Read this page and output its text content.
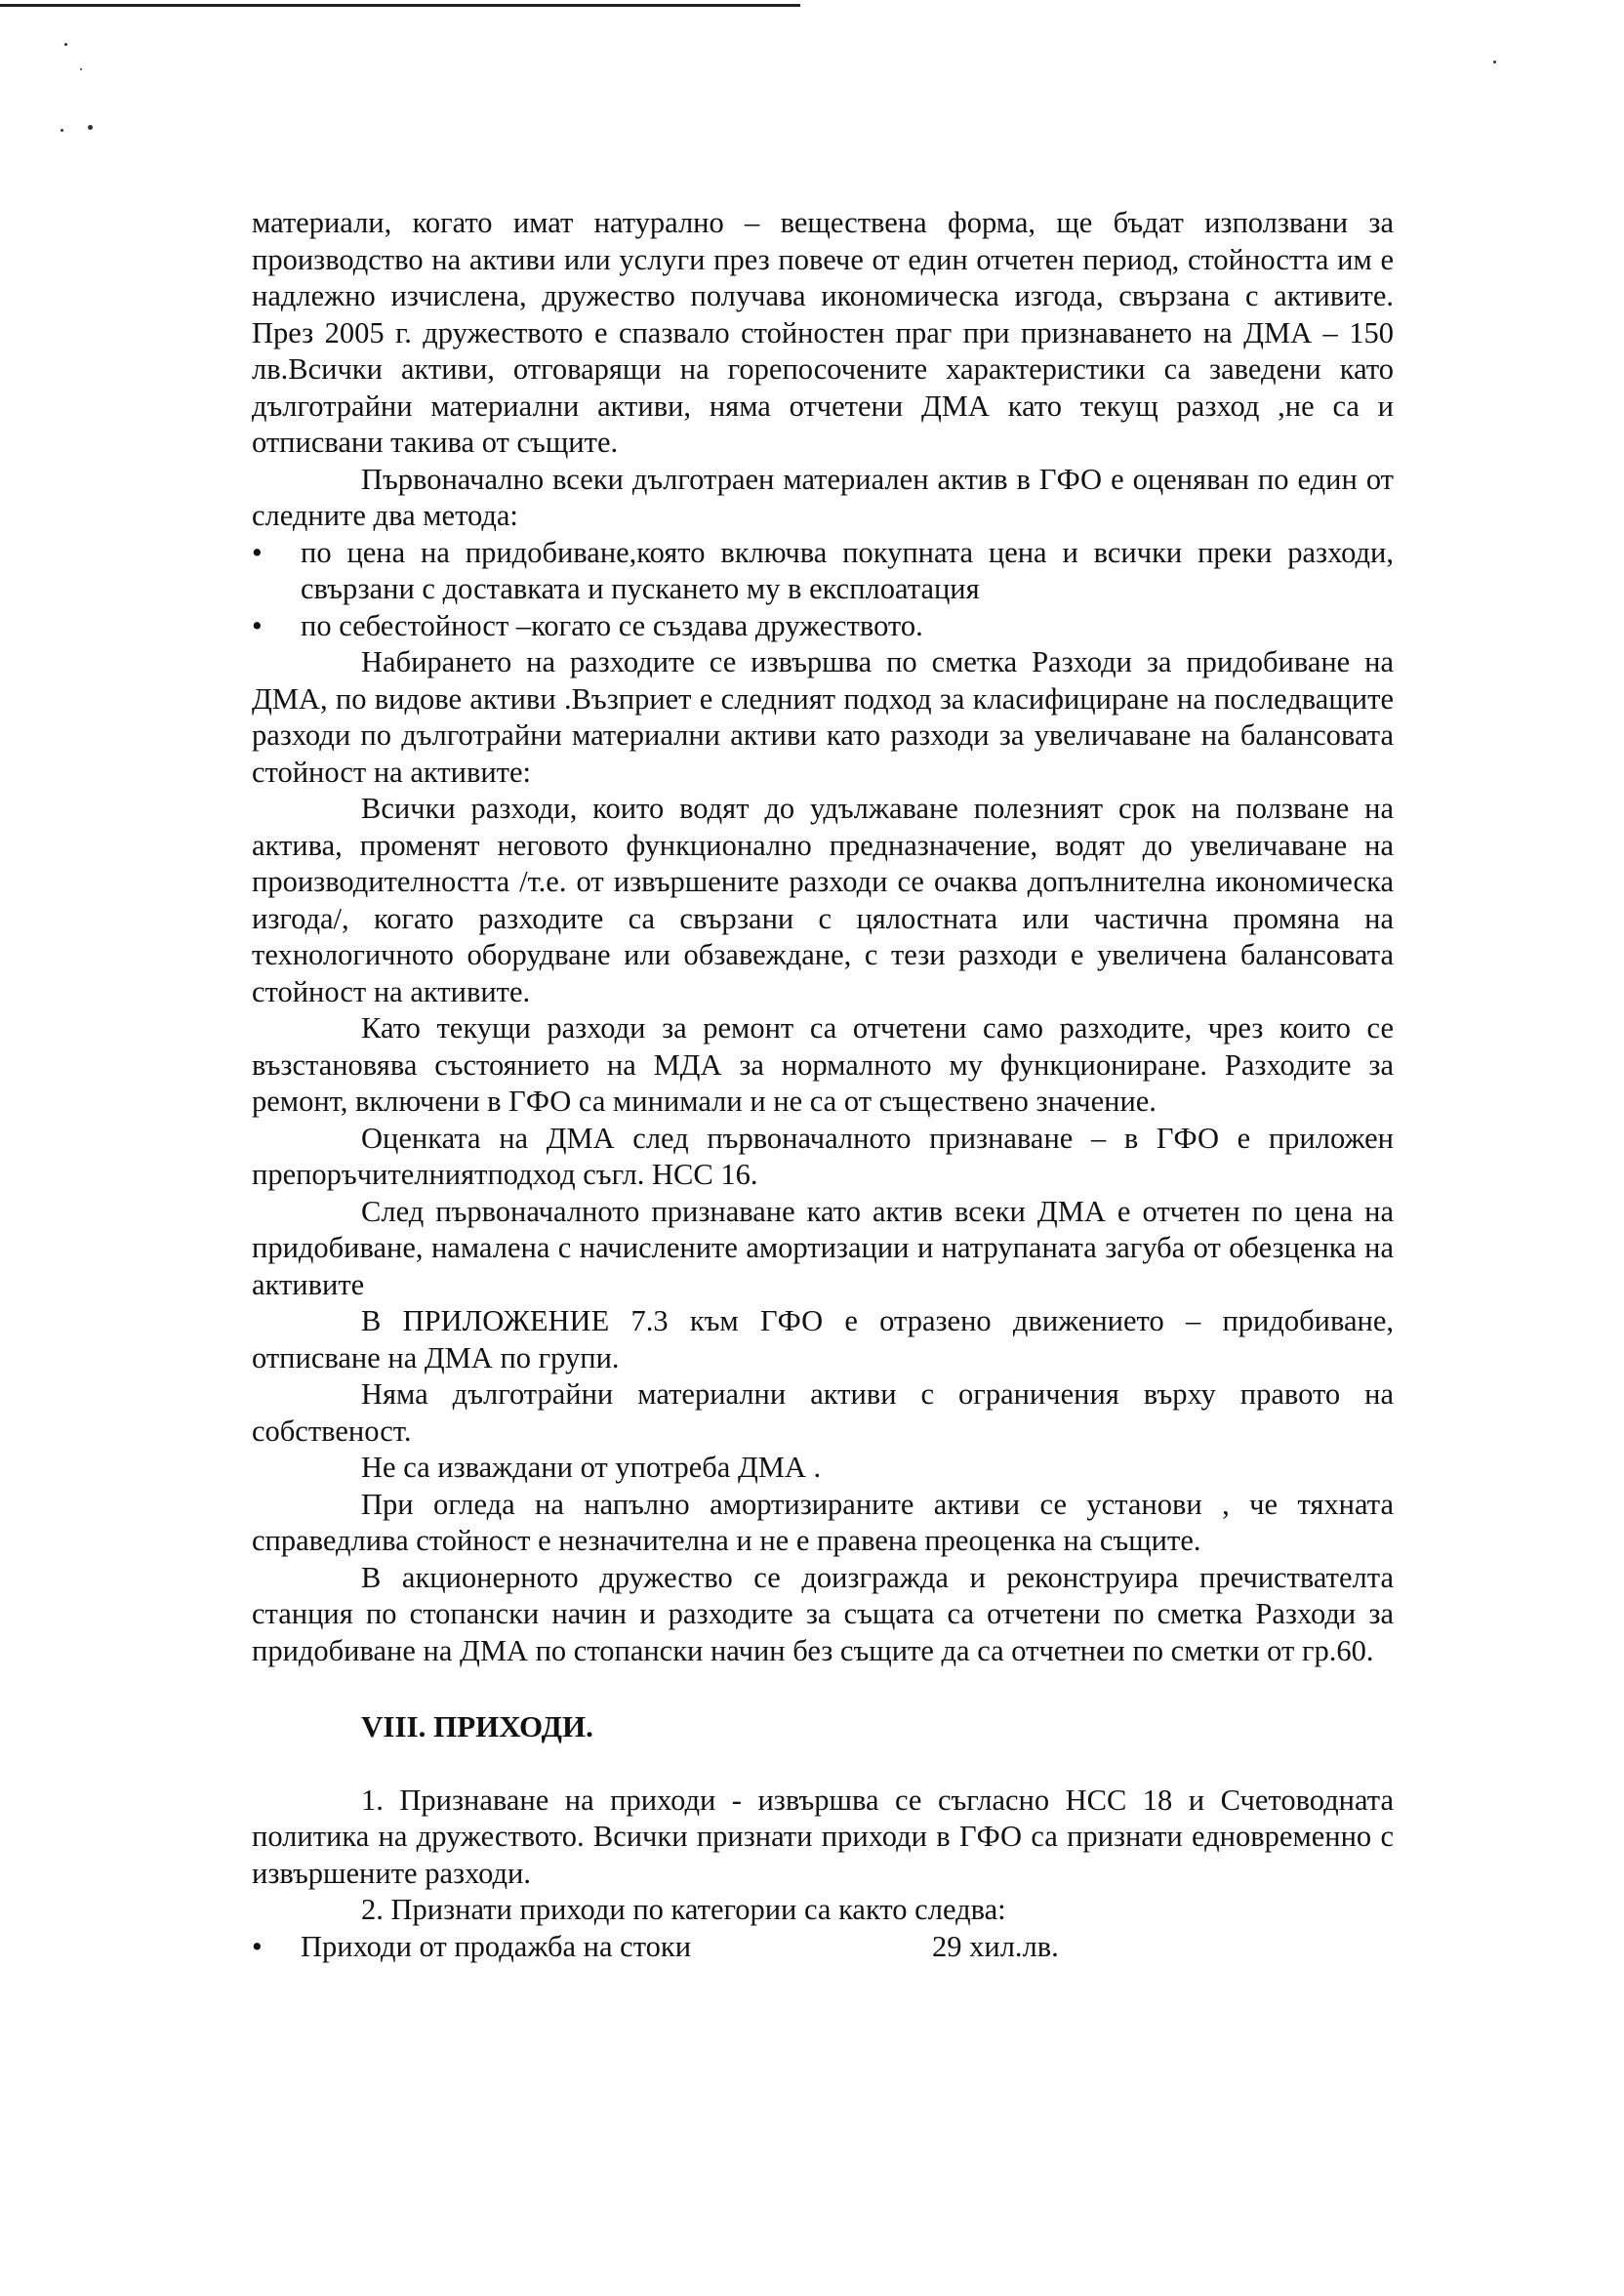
материали, когато имат натурално – веществена форма, ще бъдат използвани за производство на активи или услуги през повече от един отчетен период, стойността им е надлежно изчислена, дружество получава икономическа изгода, свързана с активите. През 2005 г. дружеството е спазвало стойностен праг при признаването на ДМА – 150 лв.Всички активи, отговарящи на горепосочените характеристики са заведени като дълготрайни материални активи, няма отчетени ДМА като текущ разход ,не са и отписвани такива от същите.

Първоначално всеки дълготраен материален актив в ГФО е оценяван по един от следните два метода:

• по цена на придобиване,която включва покупната цена и всички преки разходи, свързани с доставката и пускането му в експлоатация
• по себестойност –когато се създава дружеството.

Набирането на разходите се извършва по сметка Разходи за придобиване на ДМА, по видове активи .Възприет е следният подход за класифициране на последващите разходи по дълготрайни материални активи като разходи за увеличаване на балансовата стойност на активите:

Всички разходи, които водят до удължаване полезният срок на ползване на актива, променят неговото функционално предназначение, водят до увеличаване на производителността /т.е. от извършените разходи се очаква допълнителна икономическа изгода/, когато разходите са свързани с цялостната или частична промяна на технологичното оборудване или обзавеждане, с тези разходи е увеличена балансовата стойност на активите.

Като текущи разходи за ремонт са отчетени само разходите, чрез които се възстановява състоянието на МДА за нормалното му функциониране. Разходите за ремонт, включени в ГФО са минимали и не са от съществено значение.

Оценката на ДМА след първоначалното признаване – в ГФО е приложен препоръчителниятподход съгл. НСС 16.

След първоначалното признаване като актив всеки ДМА е отчетен по цена на придобиване, намалена с начислените амортизации и натрупаната загуба от обезценка на активите

В ПРИЛОЖЕНИЕ 7.3 към ГФО е отразено движението – придобиване, отписване на ДМА по групи.

Няма дълготрайни материални активи с ограничения върху правото на собственост.

Не са изваждани от употреба ДМА .

При огледа на напълно амортизираните активи се установи , че тяхната справедлива стойност е незначителна и не е правена преоценка на същите.

В акционерното дружество се доизгражда и реконструира пречиствателта станция по стопански начин и разходите за същата са отчетени по сметка Разходи за придобиване на ДМА по стопански начин без същите да са отчетнеи по сметки от гр.60.

VIII. ПРИХОДИ.

1. Признаване на приходи - извършва се съгласно НСС 18 и Счетоводната политика на дружеството. Всички признати приходи в ГФО са признати едновременно с извършените разходи.

2. Признати приходи по категории са както следва:

• Приходи от продажба на стоки	29 хил.лв.
